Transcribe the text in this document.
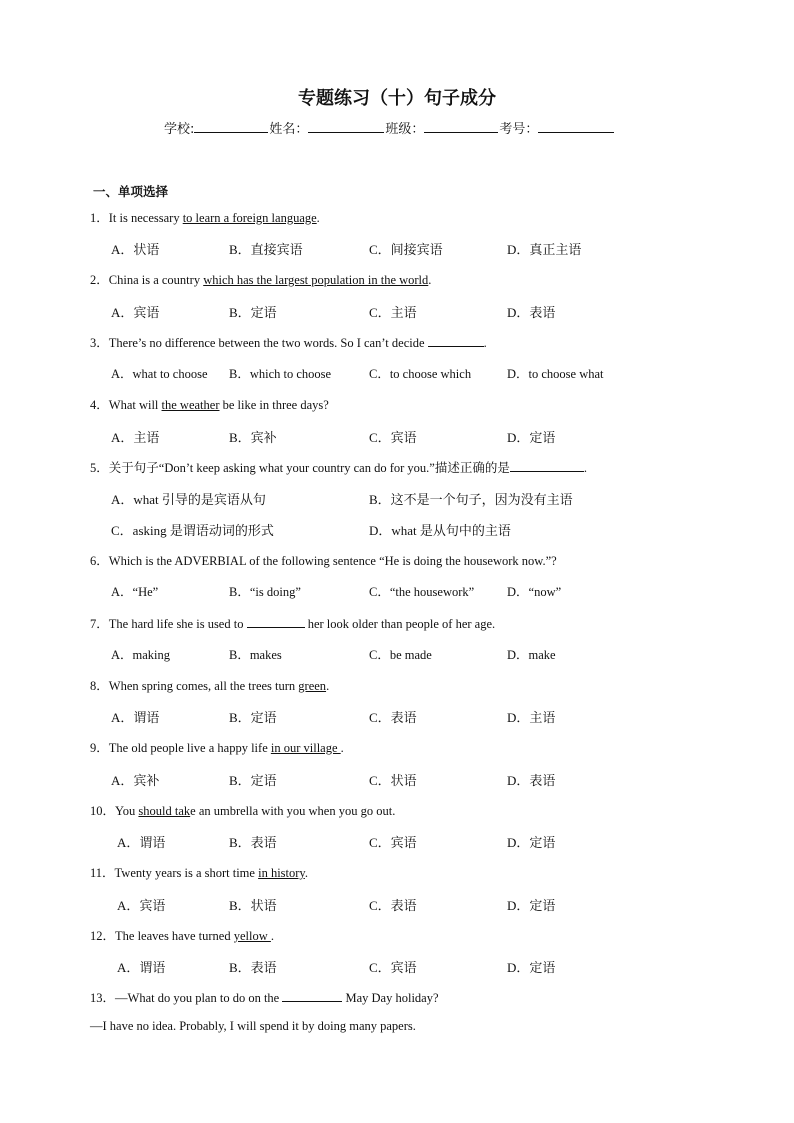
专题练习（十）句子成分
学校:	姓名：	班级：	考号：
一、单项选择
1．It is necessary to learn a foreign language.
A．状语	B．直接宾语	C．间接宾语	D．真正主语
2．China is a country which has the largest population in the world.
A．宾语	B．定语	C．主语	D．表语
3．There’s no difference between the two words. So I can’t decide	.
A．what to choose B．which to choose	C．to choose which	D．to choose what
4．What will the weather be like in three days?
A．主语	B．宾补	C．宾语	D．定语
5．关于句子“Don’t keep asking what your country can do for you.”描述正确的是	.
A．what 引导的是宾语从句	B．这不是一个句子，因为没有主语
C．asking 是谓语动词的形式	D．what 是从句中的主语
6．Which is the ADVERBIAL of the following sentence “He is doing the housework now.”?
A．“He”	B．“is doing”	C．“the housework”	D．“now”
7．The hard life she is used to	her look older than people of her age.
A．making	B．makes	C．be made	D．make
8．When spring comes, all the trees turn green.
A．谓语	B．定语	C．表语	D．主语
9．The old people live a happy life in our village .
A．宾补	B．定语	C．状语	D．表语
10．You should take an umbrella with you when you go out.
A．谓语	B．表语	C．宾语	D．定语
11．Twenty years is a short time in history.
A．宾语	B．状语	C．表语	D．定语
12．The leaves have turned yellow .
A．谓语	B．表语	C．宾语	D．定语
13．—What do you plan to do on the	May Day holiday?
—I have no idea. Probably, I will spend it by doing many papers.
